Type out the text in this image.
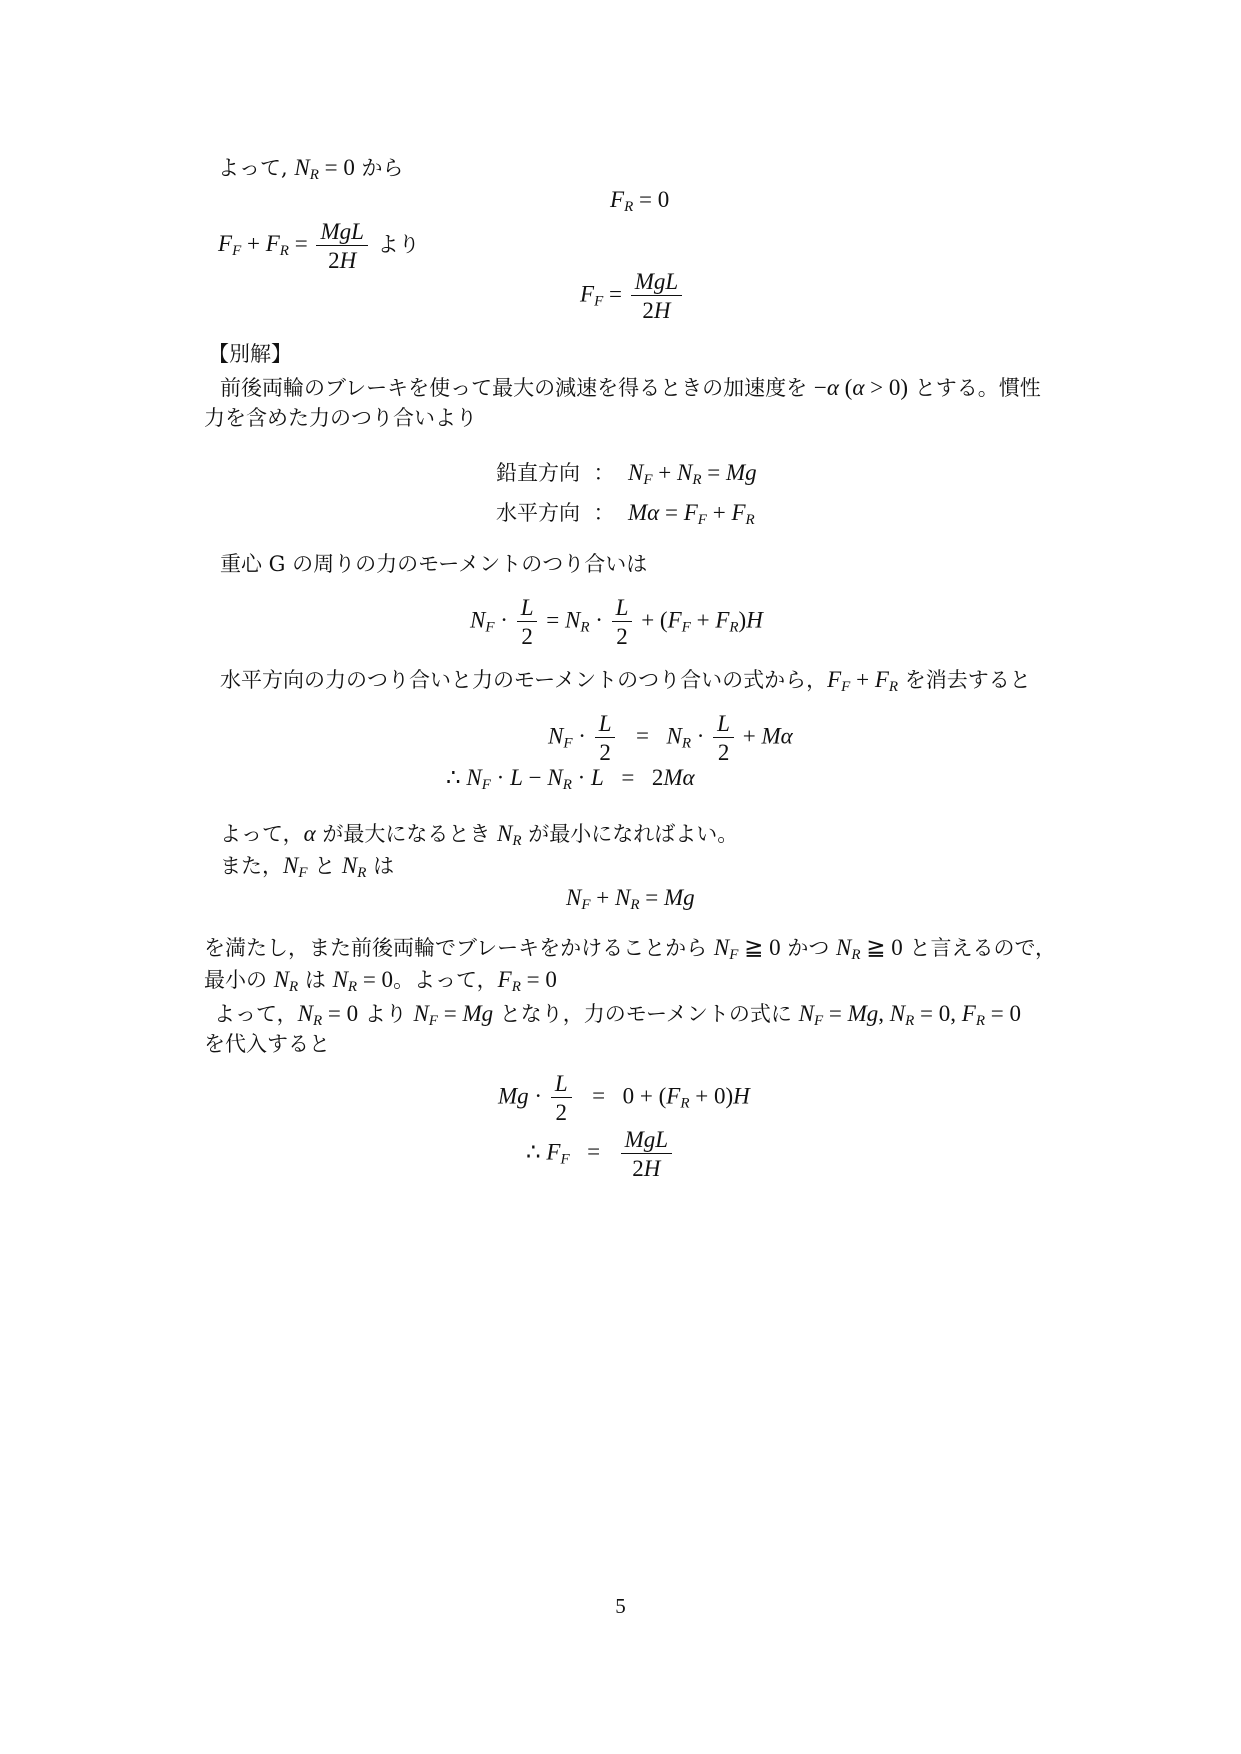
よって, $N_R = 0$ から
$F_R = 0$
$F_F + F_R = \frac{\text{MgL}}{2H}$ より
$F_F = \frac{\text{MgL}}{2H}$
【別解】
前後両輪のブレーキを使って最大の減速を得るときの加速度を −α (α > 0) とする。慣性
力を含めた力のつり合いより
鉛直方向 ： $N_F + N_R = Mg$
水平方向 ： $M\alpha = F_F + F_R$
重心 G の周りの力のモーメントのつり合いは
$N_F \cdot \frac{L}{2} = N_R \cdot \frac{L}{2} + (F_F + F_R)H$
水平方向の力のつり合いと力のモーメントのつり合いの式から，$F_F + F_R$ を消去すると
$N_F \cdot \frac{L}{2} = N_R \cdot \frac{L}{2} + M\alpha$
∴ $N_F \cdot L - N_R \cdot L = 2M\alpha$
よって，α が最大になるとき $N_R$ が最小になればよい。
また，$N_F$ と $N_R$ は
$N_F + N_R = Mg$
を満たし，また前後両輪でブレーキをかけることから $N_F$ ≧ 0 かつ $N_R$ ≧ 0 と言えるので，
最小の $N_R$ は $N_R = 0$。よって，$F_R = 0$
よって，$N_R = 0$ より $N_F = Mg$ となり，力のモーメントの式に $N_F = Mg$, $N_R = 0$, $F_R = 0$
を代入すると
$Mg \cdot \frac{L}{2} = 0 + (F_R + 0)H$
∴ $F_F = \frac{\text{MgL}}{2H}$
5
